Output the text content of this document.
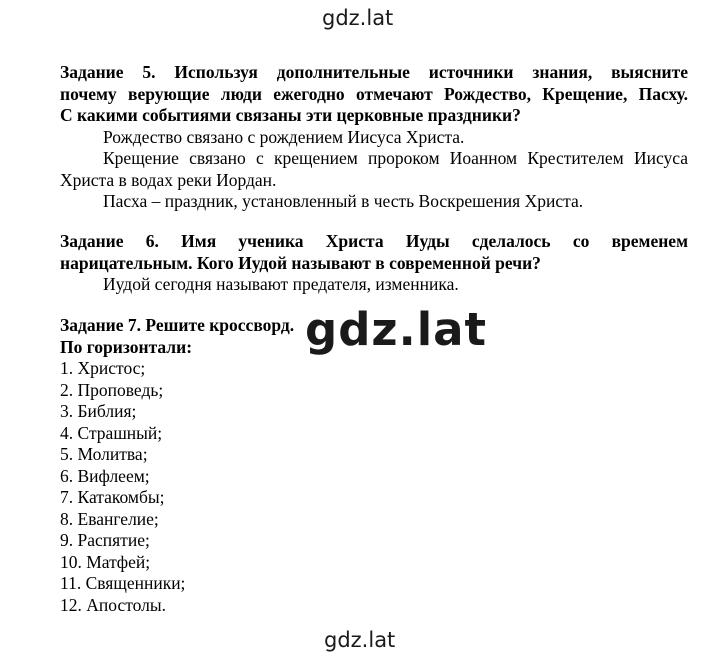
gdz.lat
Задание 5. Используя дополнительные источники знания, выясните
почему верующие люди ежегодно отмечают Рождество, Крещение, Пасху.
С какими событиями связаны эти церковные праздники?
Рождество связано с рождением Иисуса Христа.
Крещение связано с крещением пророком Иоанном Крестителем Иисуса Христа в водах реки Иордан.
Пасха – праздник, установленный в честь Воскрешения Христа.
Задание 6. Имя ученика Христа Иуды сделалось со временем
нарицательным. Кого Иудой называют в современной речи?
Иудой сегодня называют предателя, изменника.
Задание 7. Решите кроссворд.
По горизонтали:
1. Христос;
2. Проповедь;
3. Библия;
4. Страшный;
5. Молитва;
6. Вифлеем;
7. Катакомбы;
8. Евангелие;
9. Распятие;
10. Матфей;
11. Священники;
12. Апостолы.
gdz.lat
gdz.lat
